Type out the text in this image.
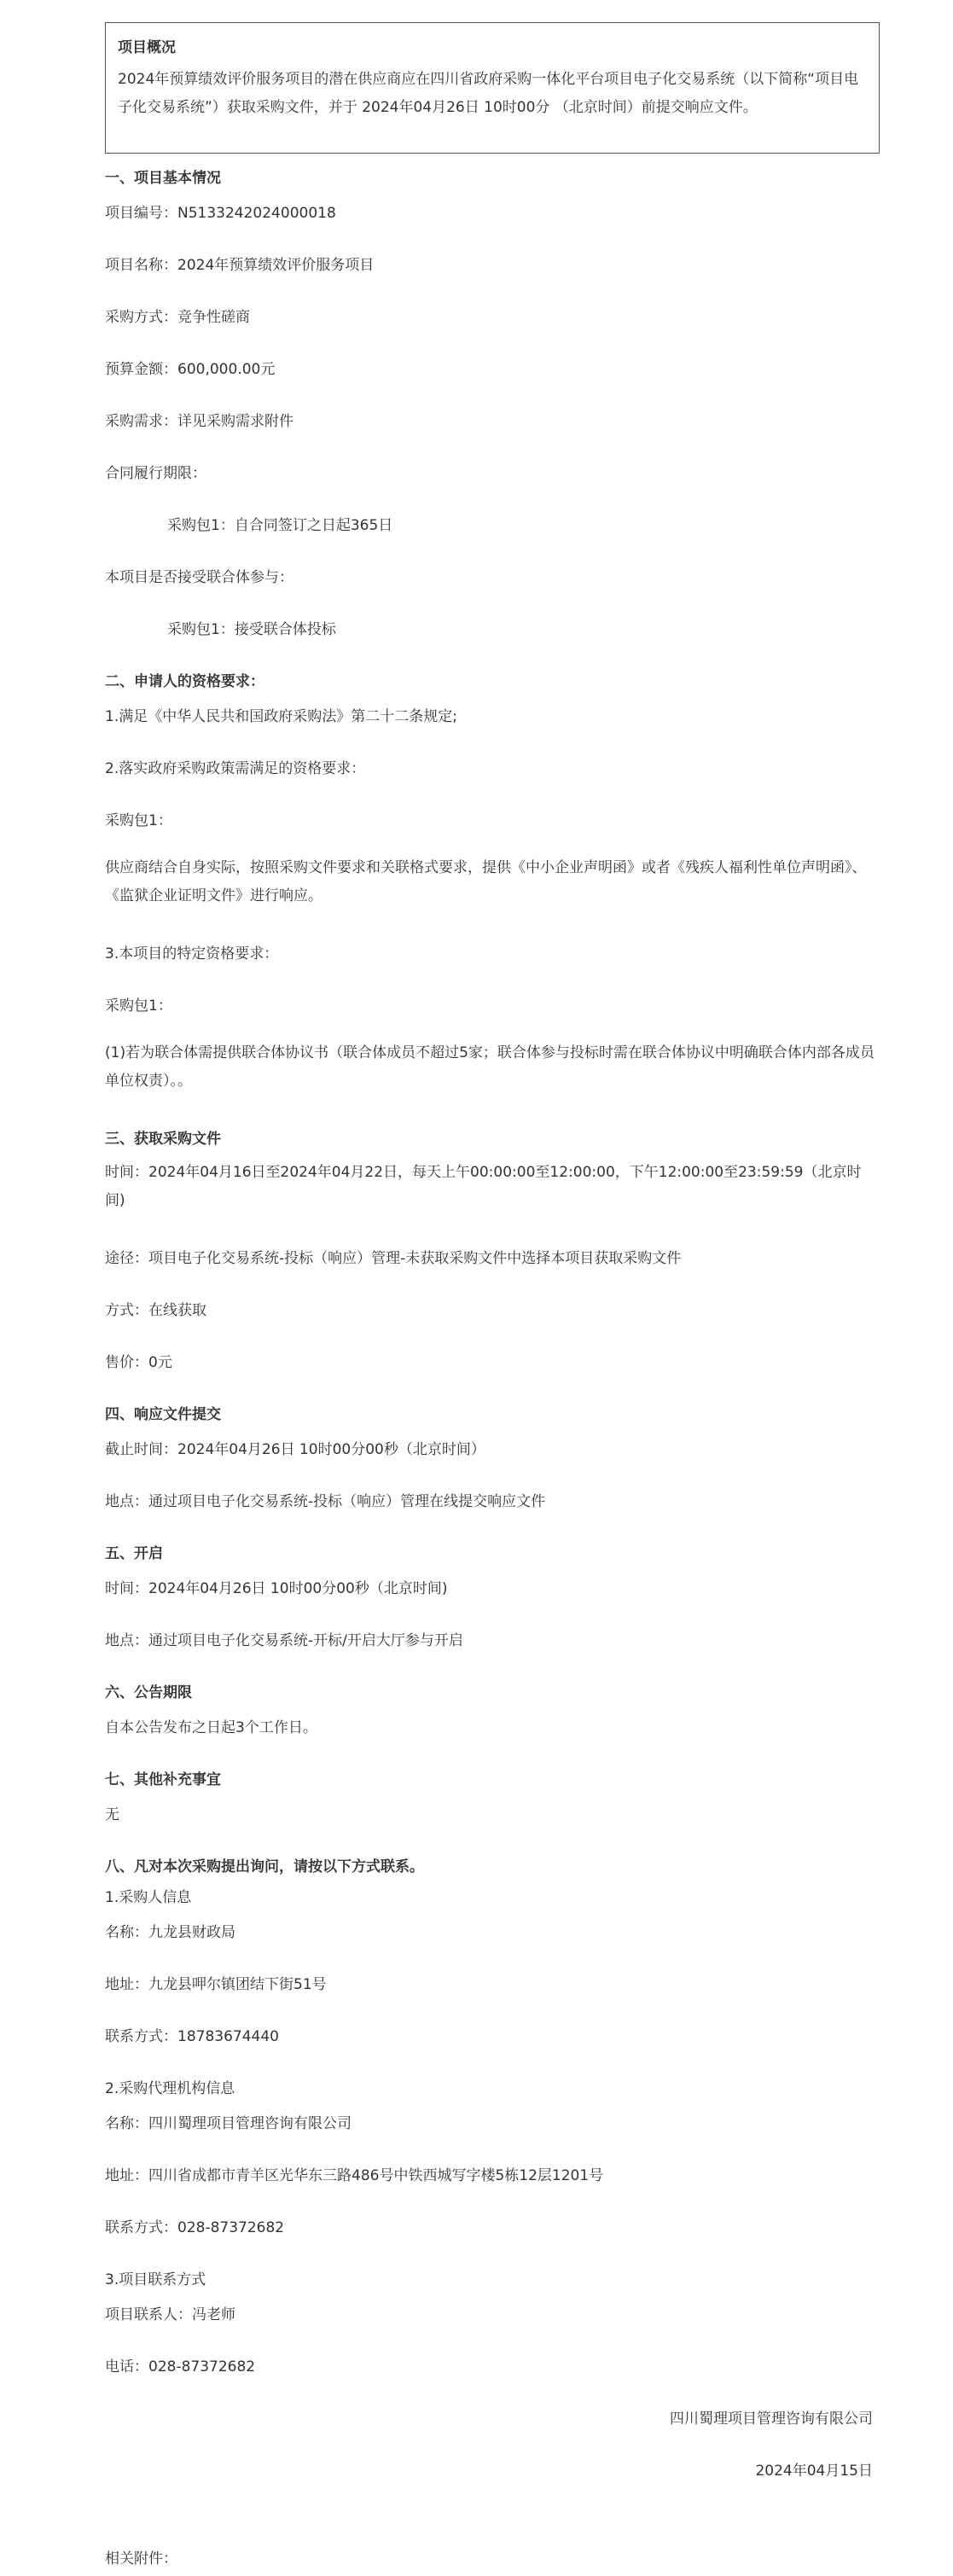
项目概况

2024年预算绩效评价服务项目的潜在供应商应在四川省政府采购一体化平台项目电子化交易系统（以下简称“项目电子化交易系统”）获取采购文件，并于 2024年04月26日 10时00分 （北京时间）前提交响应文件。

一、项目基本情况
项目编号：N5133242024000018
项目名称：2024年预算绩效评价服务项目
采购方式：竞争性磋商
预算金额：600,000.00元
采购需求：详见采购需求附件
合同履行期限：
采购包1：自合同签订之日起365日
本项目是否接受联合体参与：
采购包1：接受联合体投标
二、申请人的资格要求：
1.满足《中华人民共和国政府采购法》第二十二条规定;
2.落实政府采购政策需满足的资格要求：
采购包1：
供应商结合自身实际，按照采购文件要求和关联格式要求，提供《中小企业声明函》或者《残疾人福利性单位声明函》、《监狱企业证明文件》进行响应。
3.本项目的特定资格要求：
采购包1：
(1)若为联合体需提供联合体协议书（联合体成员不超过5家；联合体参与投标时需在联合体协议中明确联合体内部各成员单位权责）。。
三、获取采购文件
时间：2024年04月16日至2024年04月22日，每天上午00:00:00至12:00:00，下午12:00:00至23:59:59（北京时间)
途径：项目电子化交易系统-投标（响应）管理-未获取采购文件中选择本项目获取采购文件
方式：在线获取
售价：0元
四、响应文件提交
截止时间：2024年04月26日 10时00分00秒（北京时间）
地点：通过项目电子化交易系统-投标（响应）管理在线提交响应文件
五、开启
时间：2024年04月26日 10时00分00秒（北京时间)
地点：通过项目电子化交易系统-开标/开启大厅参与开启
六、公告期限
自本公告发布之日起3个工作日。
七、其他补充事宜
无
八、凡对本次采购提出询问，请按以下方式联系。
1.采购人信息
名称：九龙县财政局
地址：九龙县呷尔镇团结下街51号
联系方式：18783674440
2.采购代理机构信息
名称：四川蜀理项目管理咨询有限公司
地址：四川省成都市青羊区光华东三路486号中铁西城写字楼5栋12层1201号
联系方式：028-87372682
3.项目联系方式
项目联系人：冯老师
电话：028-87372682
四川蜀理项目管理咨询有限公司
2024年04月15日
相关附件：
